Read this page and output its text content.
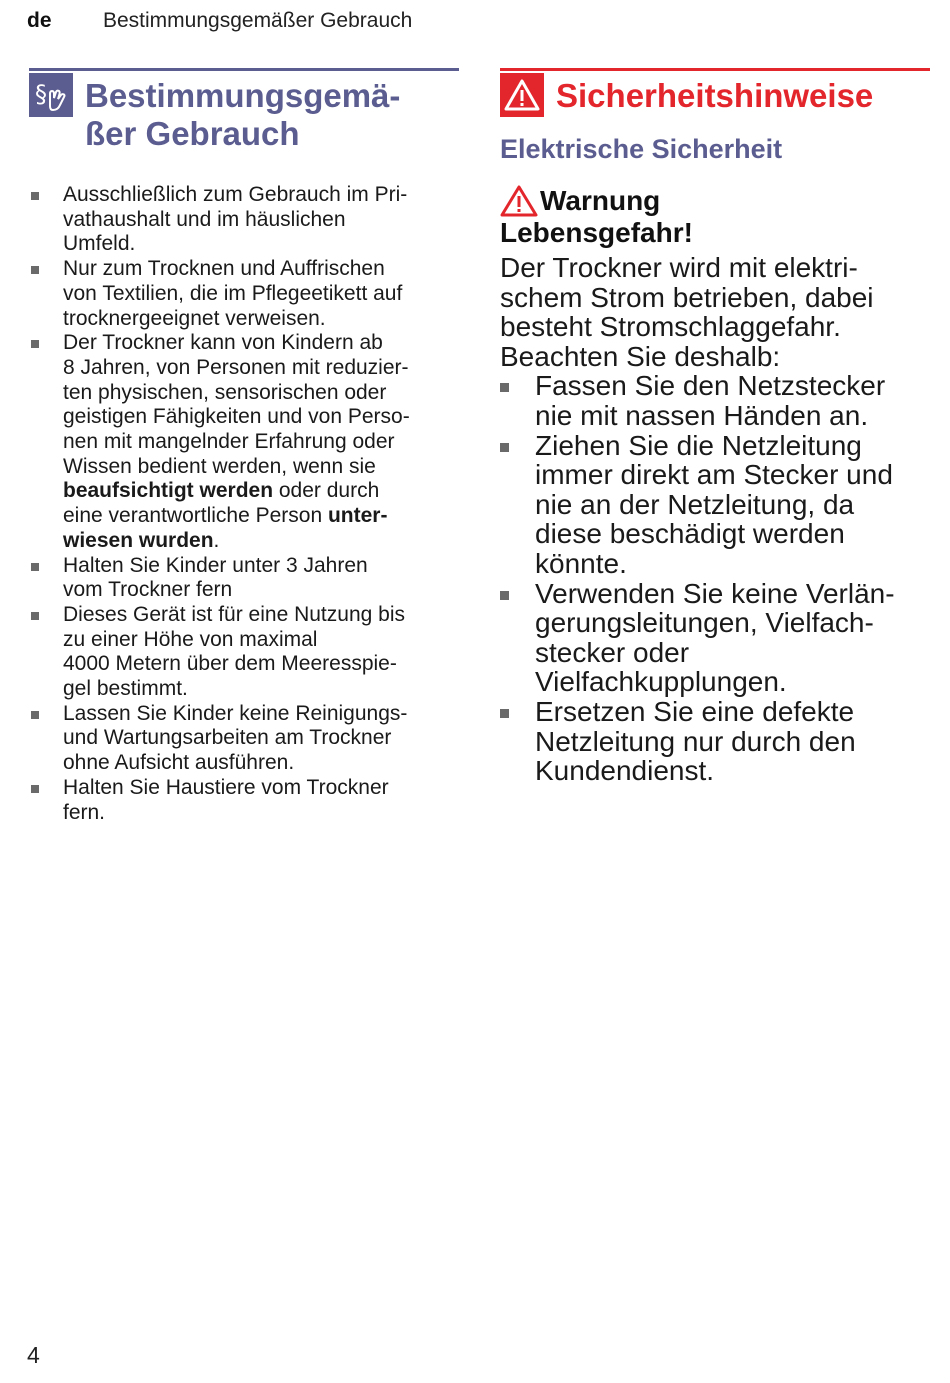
de Bestimmungsgemäßer Gebrauch
§ Bestimmungsgemä-
ßer Gebrauch
Ausschließlich zum Gebrauch im Pri-
vathaushalt und im häuslichen
Umfeld.
Nur zum Trocknen und Auffrischen
von Textilien, die im Pflegeetikett auf
trocknergeeignet verweisen.
Der Trockner kann von Kindern ab
8 Jahren, von Personen mit reduzier-
ten physischen, sensorischen oder
geistigen Fähigkeiten und von Perso-
nen mit mangelnder Erfahrung oder
Wissen bedient werden, wenn sie
beaufsichtigt werden oder durch
eine verantwortliche Person unter-
wiesen wurden.
Halten Sie Kinder unter 3 Jahren
vom Trockner fern
Dieses Gerät ist für eine Nutzung bis
zu einer Höhe von maximal
4000 Metern über dem Meeresspie-
gel bestimmt.
Lassen Sie Kinder keine Reinigungs-
und Wartungsarbeiten am Trockner
ohne Aufsicht ausführen.
Halten Sie Haustiere vom Trockner
fern.
Sicherheitshinweise
Elektrische Sicherheit
Warnung
Lebensgefahr!
Der Trockner wird mit elektri-
schem Strom betrieben, dabei
besteht Stromschlaggefahr.
Beachten Sie deshalb:
Fassen Sie den Netzstecker
nie mit nassen Händen an.
Ziehen Sie die Netzleitung
immer direkt am Stecker und
nie an der Netzleitung, da
diese beschädigt werden
könnte.
Verwenden Sie keine Verlän-
gerungsleitungen, Vielfach-
stecker oder
Vielfachkupplungen.
Ersetzen Sie eine defekte
Netzleitung nur durch den
Kundendienst.
4
